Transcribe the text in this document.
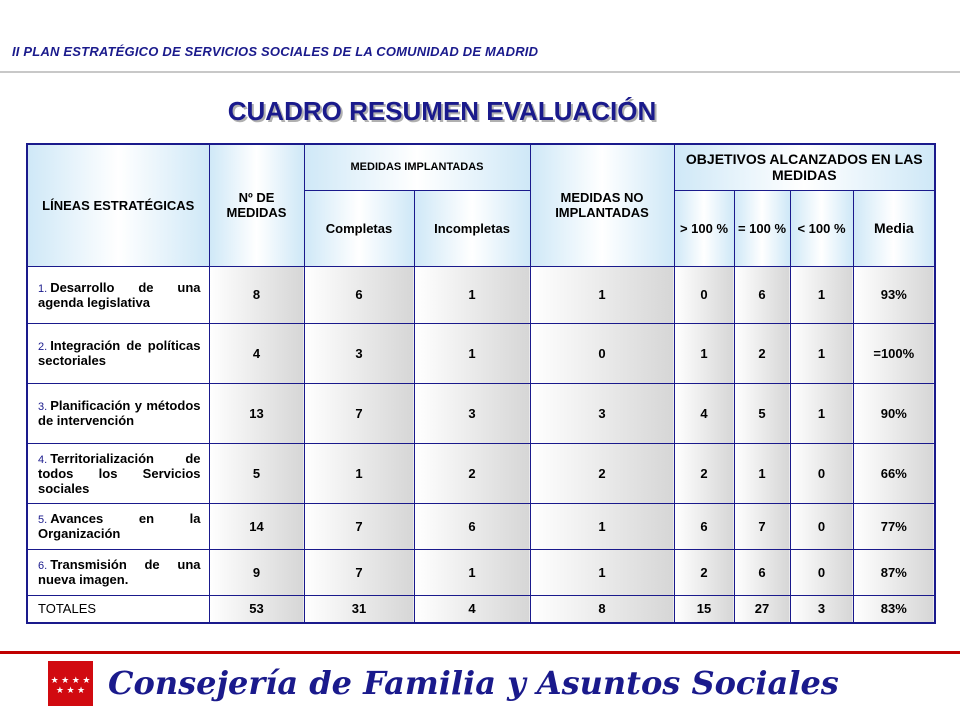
II PLAN ESTRATÉGICO DE SERVICIOS SOCIALES DE LA COMUNIDAD DE MADRID
CUADRO RESUMEN EVALUACIÓN
LÍNEAS ESTRATÉGICAS	Nº DE MEDIDAS	MEDIDAS IMPLANTADAS		MEDIDAS NO IMPLANTADAS	OBJETIVOS ALCANZADOS EN LAS MEDIDAS			
		Completas	Incompletas		> 100 %	= 100 %	< 100 %	Media
1. Desarrollo de una agenda legislativa	8	6	1	1	0	6	1	93%
2. Integración de políticas sectoriales	4	3	1	0	1	2	1	=100%
3. Planificación y métodos de intervención	13	7	3	3	4	5	1	90%
4. Territorialización de todos los Servicios sociales	5	1	2	2	2	1	0	66%
5. Avances en la Organización	14	7	6	1	6	7	0	77%
6. Transmisión de una nueva imagen.	9	7	1	1	2	6	0	87%
TOTALES	53	31	4	8	15	27	3	83%
★ ★ ★ ★
★ ★ ★ Consejería de Familia y Asuntos Sociales
